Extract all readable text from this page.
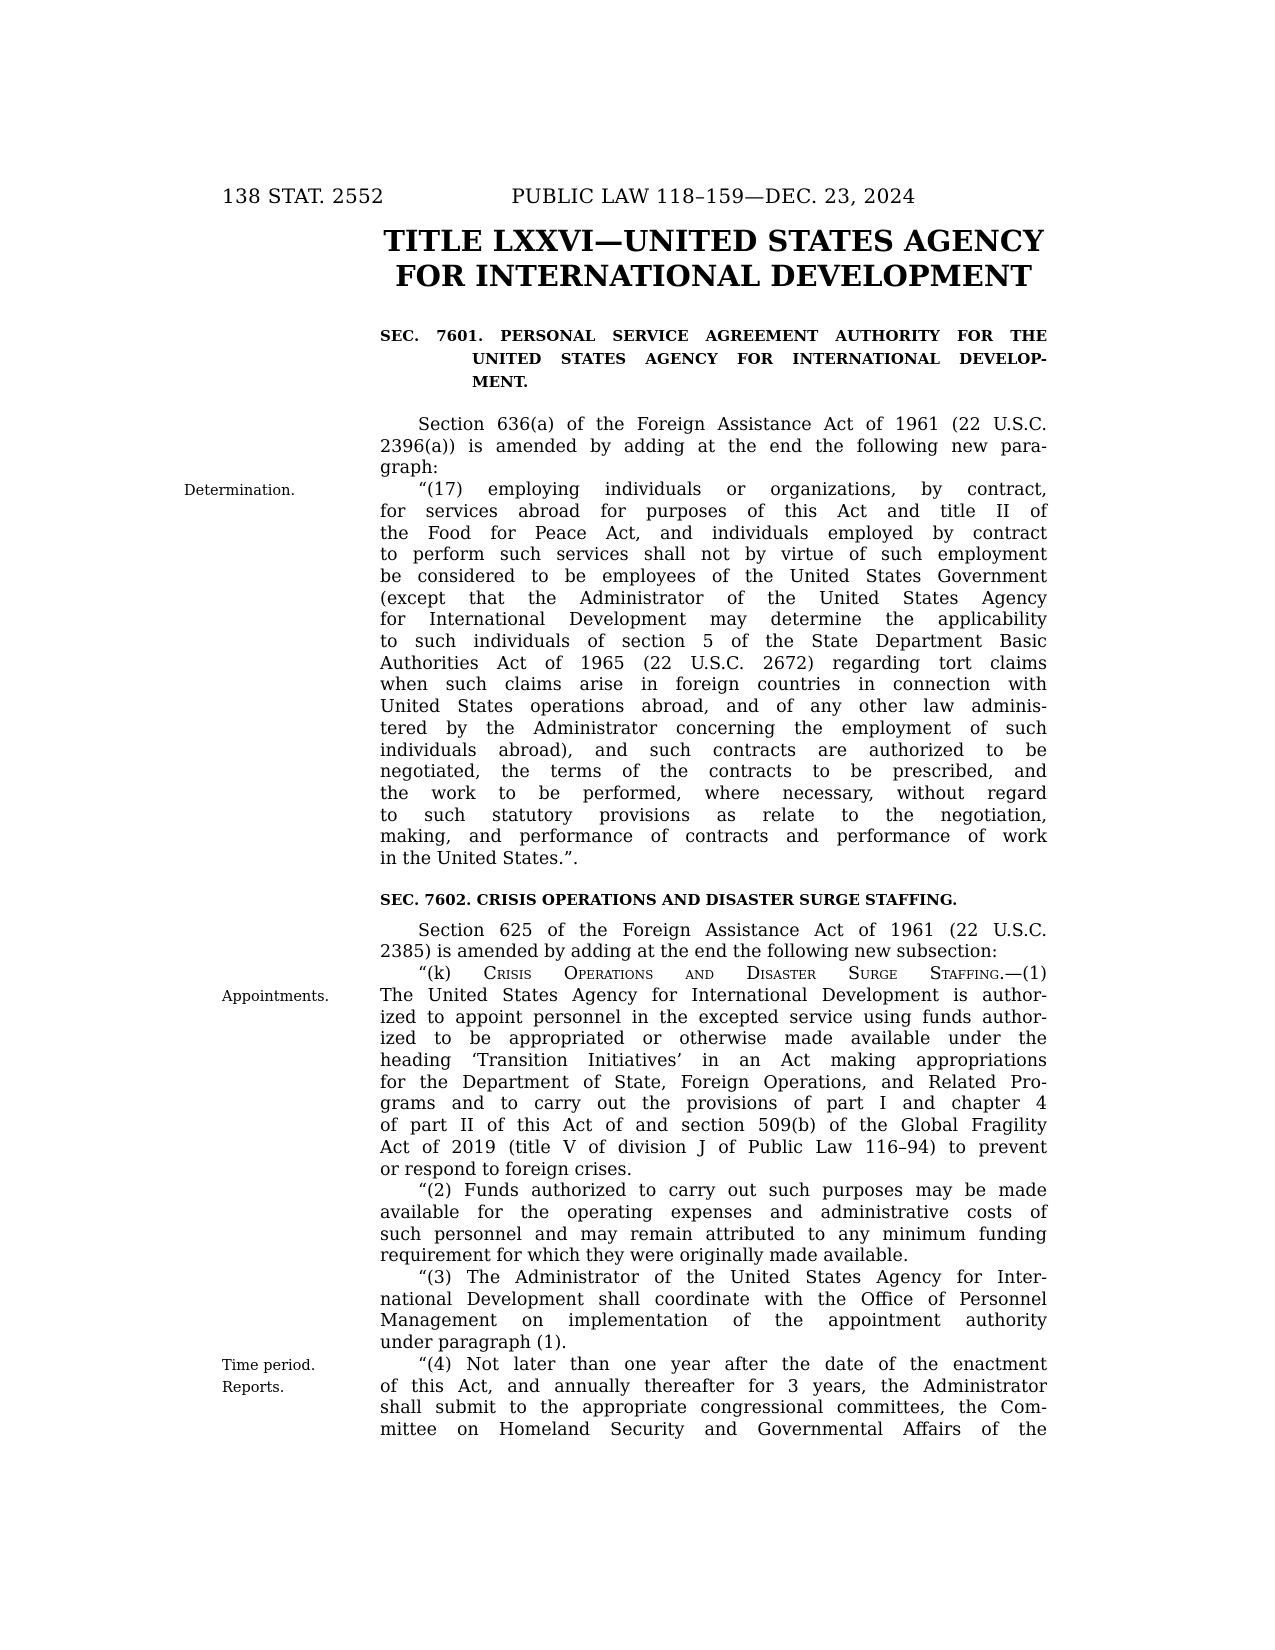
138 STAT. 2552	PUBLIC LAW 118–159—DEC. 23, 2024
TITLE LXXVI—UNITED STATES AGENCY
FOR INTERNATIONAL DEVELOPMENT
SEC. 7601. PERSONAL SERVICE AGREEMENT AUTHORITY FOR THE
UNITED STATES AGENCY FOR INTERNATIONAL DEVELOP-
MENT.
Section 636(a) of the Foreign Assistance Act of 1961 (22 U.S.C.
2396(a)) is amended by adding at the end the following new para-
graph:
“(17) employing individuals or organizations, by contract,
for services abroad for purposes of this Act and title II of
the Food for Peace Act, and individuals employed by contract
to perform such services shall not by virtue of such employment
be considered to be employees of the United States Government
(except that the Administrator of the United States Agency
for International Development may determine the applicability
to such individuals of section 5 of the State Department Basic
Authorities Act of 1965 (22 U.S.C. 2672) regarding tort claims
when such claims arise in foreign countries in connection with
United States operations abroad, and of any other law adminis-
tered by the Administrator concerning the employment of such
individuals abroad), and such contracts are authorized to be
negotiated, the terms of the contracts to be prescribed, and
the work to be performed, where necessary, without regard
to such statutory provisions as relate to the negotiation,
making, and performance of contracts and performance of work
in the United States.”.
Determination.
SEC. 7602. CRISIS OPERATIONS AND DISASTER SURGE STAFFING.
Section 625 of the Foreign Assistance Act of 1961 (22 U.S.C.
2385) is amended by adding at the end the following new subsection:
“(k) Crisis Operations and Disaster Surge Staffing.—(1)
The United States Agency for International Development is author-
ized to appoint personnel in the excepted service using funds author-
ized to be appropriated or otherwise made available under the
heading ‘Transition Initiatives’ in an Act making appropriations
for the Department of State, Foreign Operations, and Related Pro-
grams and to carry out the provisions of part I and chapter 4
of part II of this Act of and section 509(b) of the Global Fragility
Act of 2019 (title V of division J of Public Law 116–94) to prevent
or respond to foreign crises.
Appointments.
“(2) Funds authorized to carry out such purposes may be made
available for the operating expenses and administrative costs of
such personnel and may remain attributed to any minimum funding
requirement for which they were originally made available.
“(3) The Administrator of the United States Agency for Inter-
national Development shall coordinate with the Office of Personnel
Management on implementation of the appointment authority
under paragraph (1).
“(4) Not later than one year after the date of the enactment
of this Act, and annually thereafter for 3 years, the Administrator
shall submit to the appropriate congressional committees, the Com-
mittee on Homeland Security and Governmental Affairs of the
Time period.
Reports.
